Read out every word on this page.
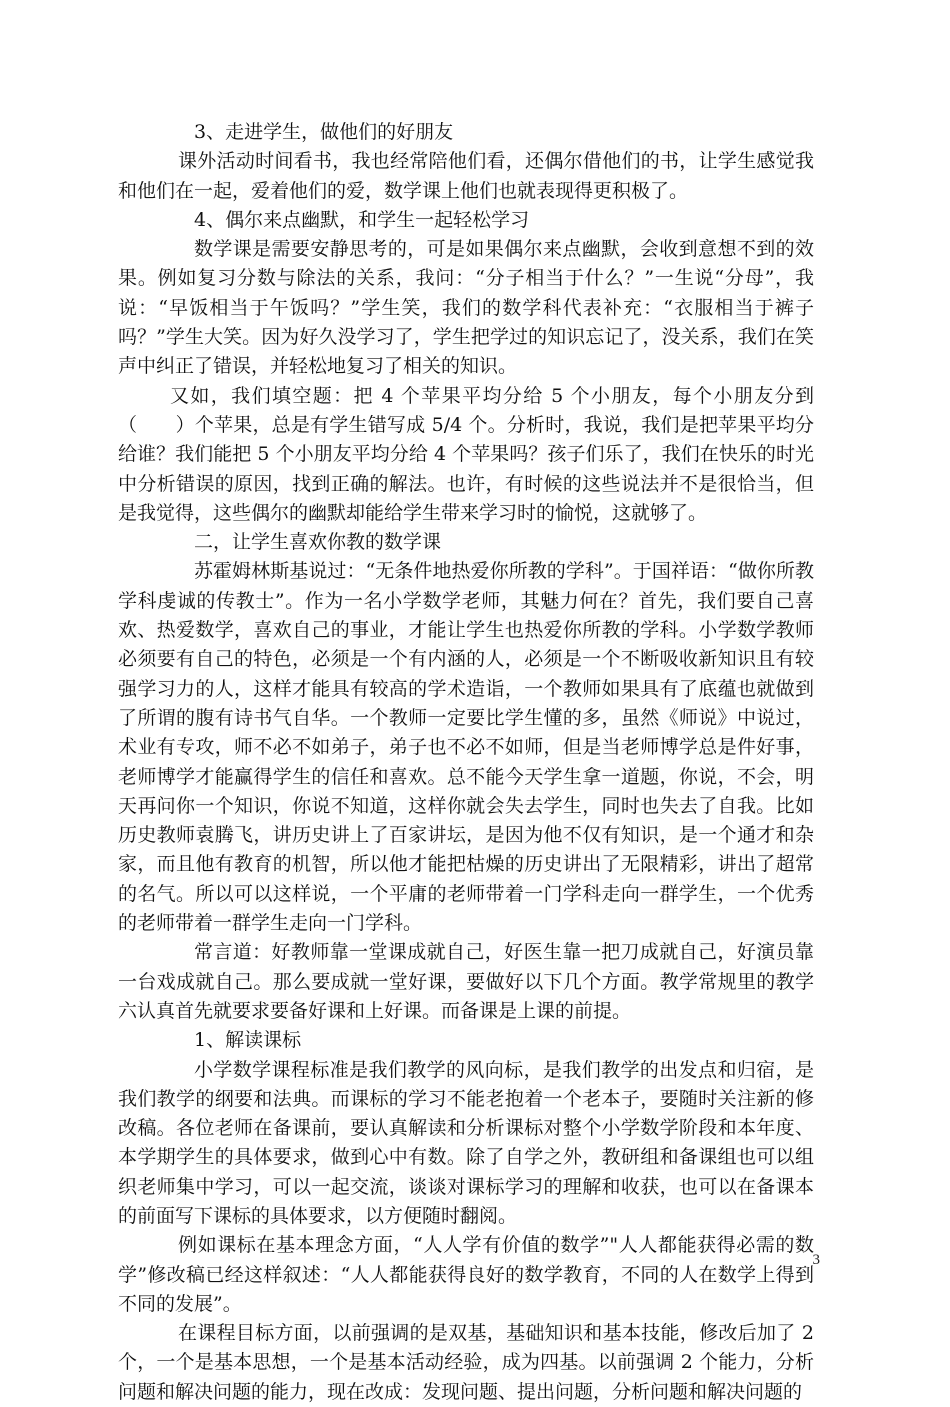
3、走进学生，做他们的好朋友

课外活动时间看书，我也经常陪他们看，还偶尔借他们的书，让学生感觉我和他们在一起，爱着他们的爱，数学课上他们也就表现得更积极了。

4、偶尔来点幽默，和学生一起轻松学习

数学课是需要安静思考的，可是如果偶尔来点幽默，会收到意想不到的效果。例如复习分数与除法的关系，我问：“分子相当于什么？”一生说“分母”，我说：“早饭相当于午饭吗？”学生笑，我们的数学科代表补充：“衣服相当于裤子吗？”学生大笑。因为好久没学习了，学生把学过的知识忘记了，没关系，我们在笑声中纠正了错误，并轻松地复习了相关的知识。

又如，我们填空题：把 4 个苹果平均分给 5 个小朋友，每个小朋友分到（　　）个苹果，总是有学生错写成 5/4 个。分析时，我说，我们是把苹果平均分给谁？我们能把 5 个小朋友平均分给 4 个苹果吗？孩子们乐了，我们在快乐的时光中分析错误的原因，找到正确的解法。也许，有时候的这些说法并不是很恰当，但是我觉得，这些偶尔的幽默却能给学生带来学习时的愉悦，这就够了。

二，让学生喜欢你教的数学课

苏霍姆林斯基说过：“无条件地热爱你所教的学科”。于国祥语：“做你所教学科虔诚的传教士”。作为一名小学数学老师，其魅力何在？首先，我们要自己喜欢、热爱数学，喜欢自己的事业，才能让学生也热爱你所教的学科。小学数学教师必须要有自己的特色，必须是一个有内涵的人，必须是一个不断吸收新知识且有较强学习力的人，这样才能具有较高的学术造诣，一个教师如果具有了底蕴也就做到了所谓的腹有诗书气自华。一个教师一定要比学生懂的多，虽然《师说》中说过，术业有专攻，师不必不如弟子，弟子也不必不如师，但是当老师博学总是件好事，老师博学才能赢得学生的信任和喜欢。总不能今天学生拿一道题，你说，不会，明天再问你一个知识，你说不知道，这样你就会失去学生，同时也失去了自我。比如历史教师袁腾飞，讲历史讲上了百家讲坛，是因为他不仅有知识，是一个通才和杂家，而且他有教育的机智，所以他才能把枯燥的历史讲出了无限精彩，讲出了超常的名气。所以可以这样说，一个平庸的老师带着一门学科走向一群学生，一个优秀的老师带着一群学生走向一门学科。

常言道：好教师靠一堂课成就自己，好医生靠一把刀成就自己，好演员靠一台戏成就自己。那么要成就一堂好课，要做好以下几个方面。教学常规里的教学六认真首先就要求要备好课和上好课。而备课是上课的前提。

1、解读课标

小学数学课程标准是我们教学的风向标，是我们教学的出发点和归宿，是我们教学的纲要和法典。而课标的学习不能老抱着一个老本子，要随时关注新的修改稿。各位老师在备课前，要认真解读和分析课标对整个小学数学阶段和本年度、本学期学生的具体要求，做到心中有数。除了自学之外，教研组和备课组也可以组织老师集中学习，可以一起交流，谈谈对课标学习的理解和收获，也可以在备课本的前面写下课标的具体要求，以方便随时翻阅。

例如课标在基本理念方面，“人人学有价值的数学”"人人都能获得必需的数学”修改稿已经这样叙述：“人人都能获得良好的数学教育，不同的人在数学上得到不同的发展”。

在课程目标方面，以前强调的是双基，基础知识和基本技能，修改后加了 2 个，一个是基本思想，一个是基本活动经验，成为四基。以前强调 2 个能力，分析问题和解决问题的能力，现在改成：发现问题、提出问题，分析问题和解决问题的

3
